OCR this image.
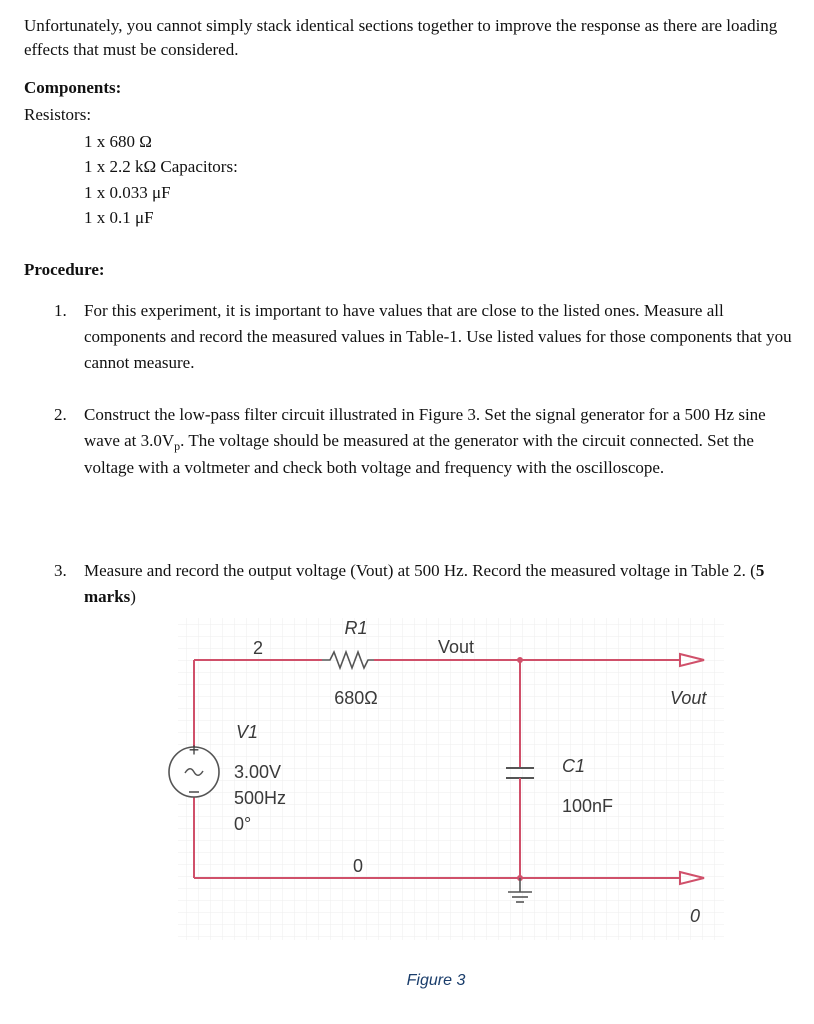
Unfortunately, you cannot simply stack identical sections together to improve the response as there are loading effects that must be considered.
Components:
Resistors:
1 x 680 Ω
1 x 2.2 kΩ Capacitors:
1 x 0.033 μF
1 x 0.1 μF
Procedure:
1. For this experiment, it is important to have values that are close to the listed ones. Measure all components and record the measured values in Table-1. Use listed values for those components that you cannot measure.
2. Construct the low-pass filter circuit illustrated in Figure 3. Set the signal generator for a 500 Hz sine wave at $3.0V_p$. The voltage should be measured at the generator with the circuit connected. Set the voltage with a voltmeter and check both voltage and frequency with the oscilloscope.
3. Measure and record the output voltage (Vout) at 500 Hz. Record the measured voltage in Table 2. (5 marks)
+
2
R1
680Ω
Vout
Vout
V1
3.00V
500Hz
0°
C1
100nF
0
0
Figure 3
